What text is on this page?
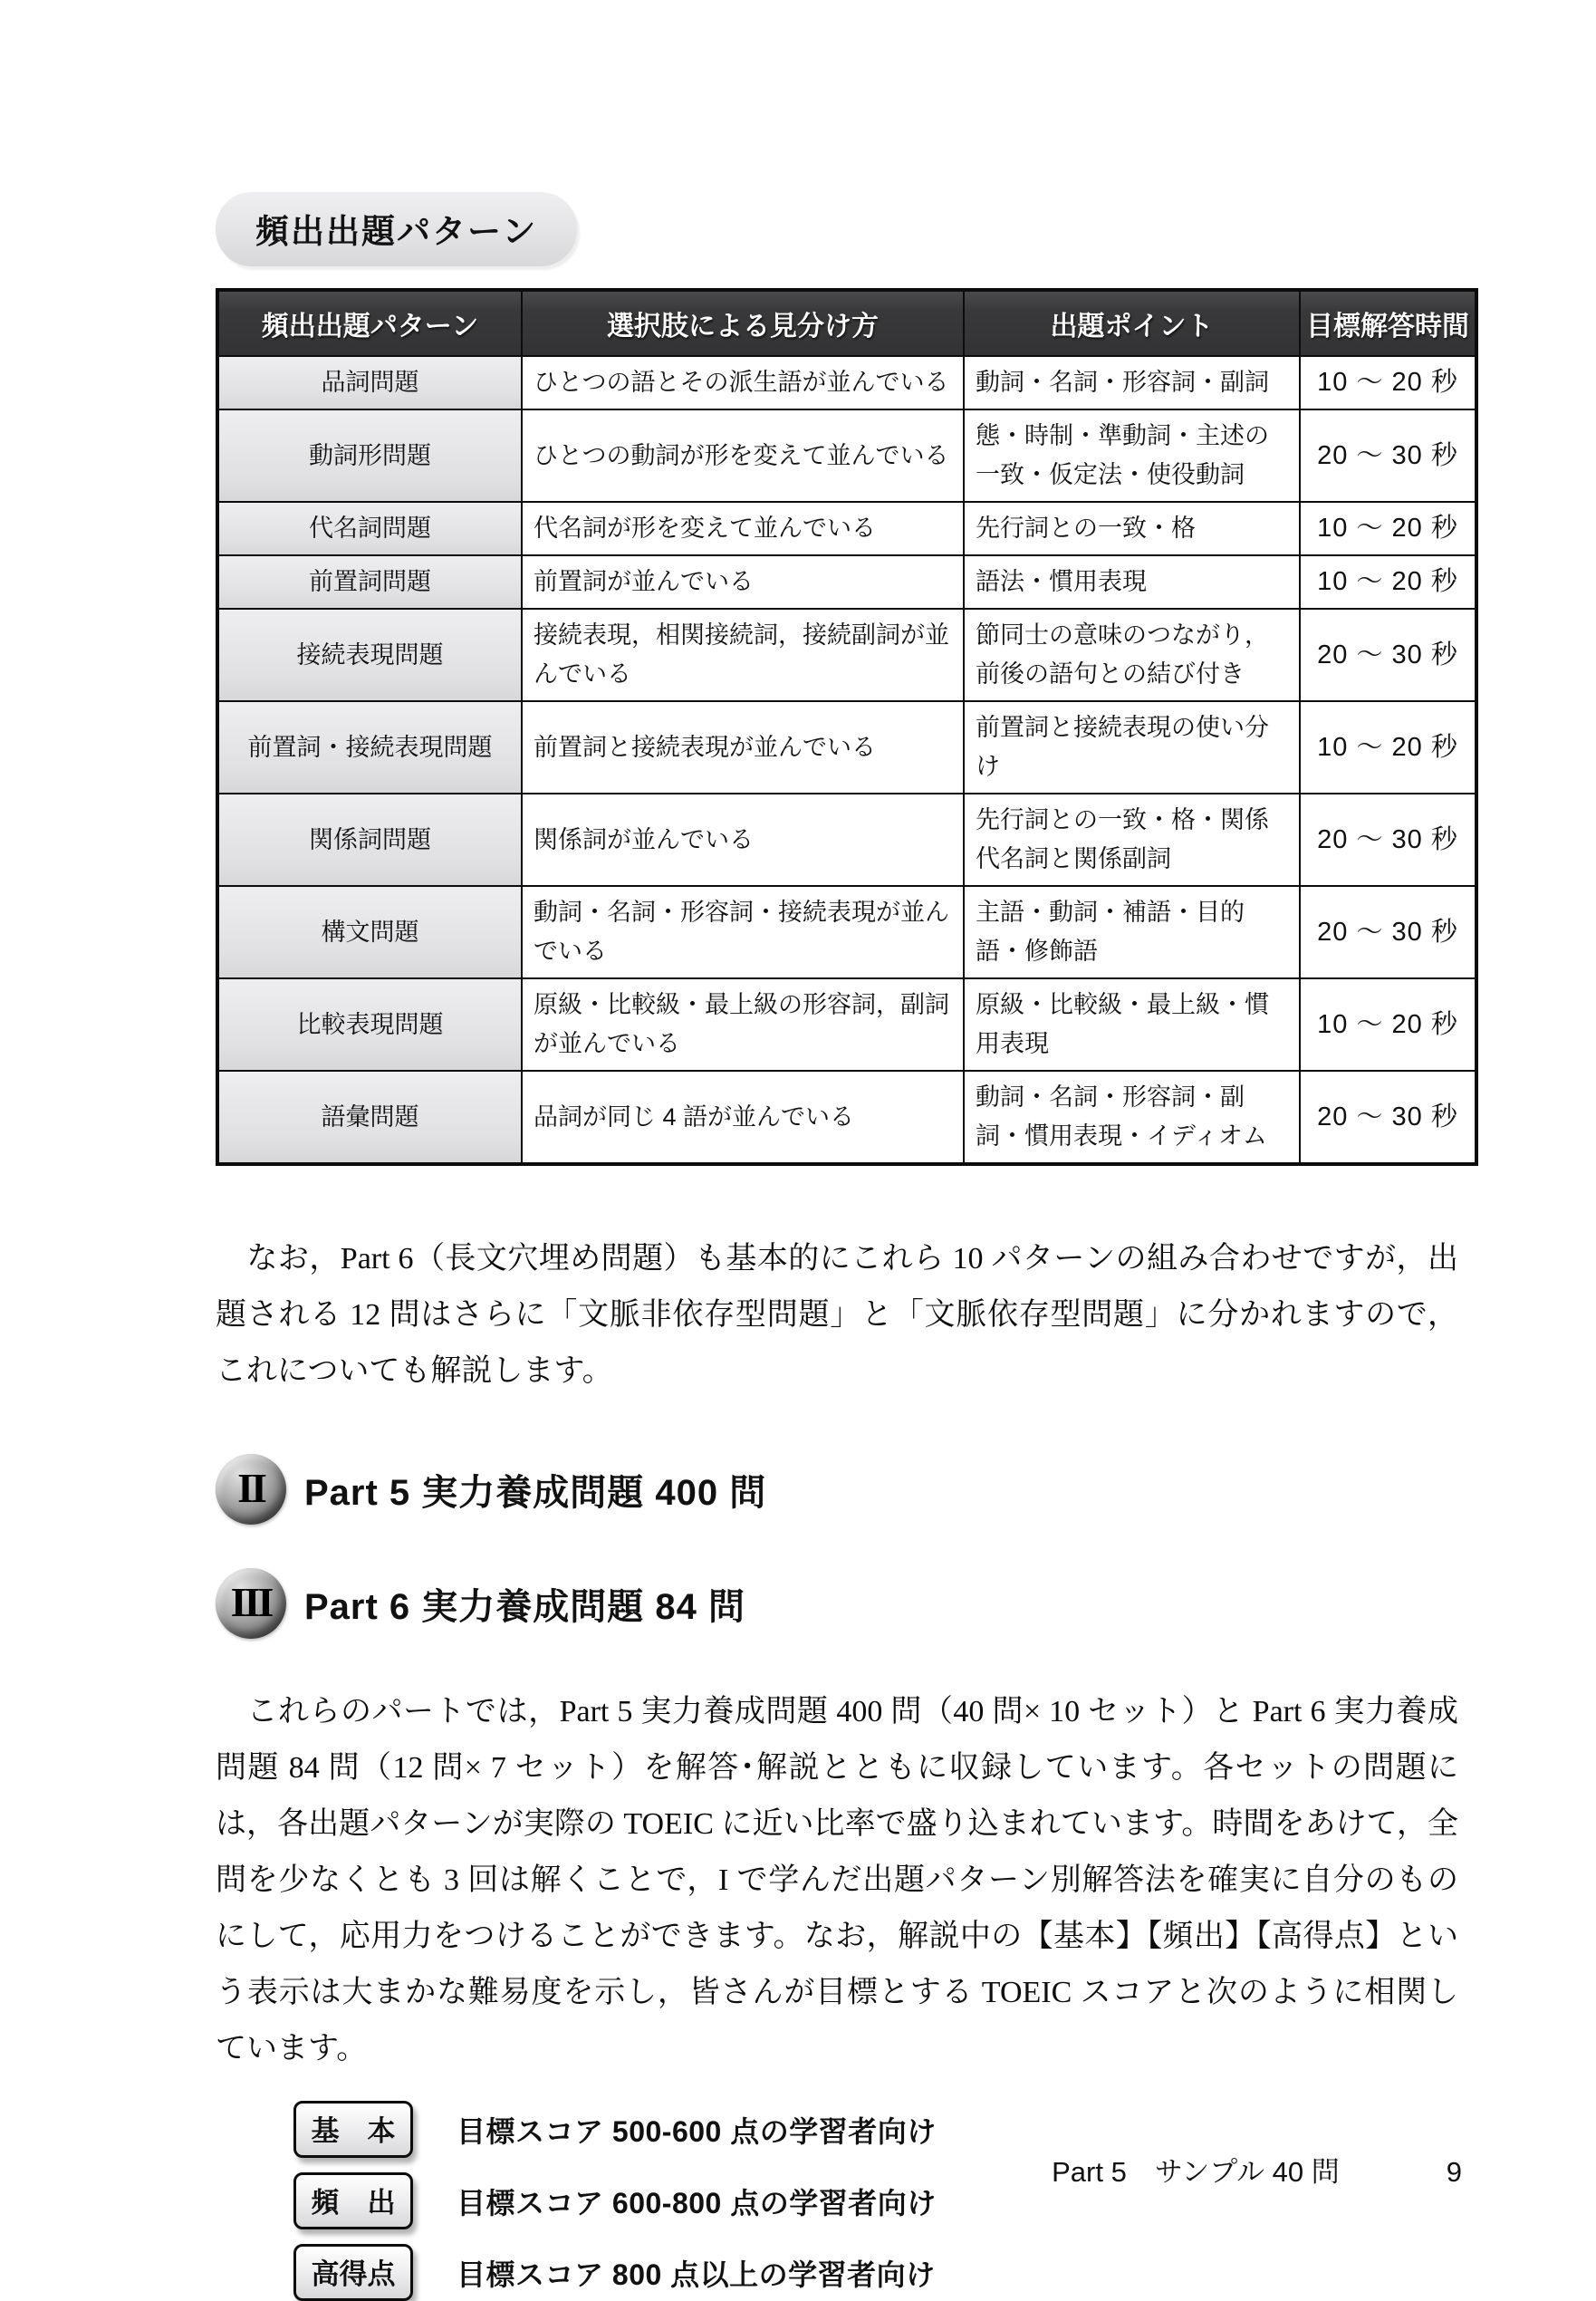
頻出出題パターン
頻出出題パターン	選択肢による見分け方	出題ポイント	目標解答時間
品詞問題	ひとつの語とその派生語が並んでいる	動詞・名詞・形容詞・副詞	10 〜 20 秒
動詞形問題	ひとつの動詞が形を変えて並んでいる	態・時制・準動詞・主述の一致・仮定法・使役動詞	20 〜 30 秒
代名詞問題	代名詞が形を変えて並んでいる	先行詞との一致・格	10 〜 20 秒
前置詞問題	前置詞が並んでいる	語法・慣用表現	10 〜 20 秒
接続表現問題	接続表現，相関接続詞，接続副詞が並んでいる	節同士の意味のつながり，前後の語句との結び付き	20 〜 30 秒
前置詞・接続表現問題	前置詞と接続表現が並んでいる	前置詞と接続表現の使い分け	10 〜 20 秒
関係詞問題	関係詞が並んでいる	先行詞との一致・格・関係代名詞と関係副詞	20 〜 30 秒
構文問題	動詞・名詞・形容詞・接続表現が並んでいる	主語・動詞・補語・目的語・修飾語	20 〜 30 秒
比較表現問題	原級・比較級・最上級の形容詞，副詞が並んでいる	原級・比較級・最上級・慣用表現	10 〜 20 秒
語彙問題	品詞が同じ 4 語が並んでいる	動詞・名詞・形容詞・副詞・慣用表現・イディオム	20 〜 30 秒

　なお，Part 6（長文穴埋め問題）も基本的にこれら 10 パターンの組み合わせですが，出題される 12 問はさらに「文脈非依存型問題」と「文脈依存型問題」に分かれますので，これについても解説します。

II Part 5 実力養成問題 400 問
III Part 6 実力養成問題 84 問

　これらのパートでは，Part 5 実力養成問題 400 問（40 問× 10 セット）と Part 6 実力養成問題 84 問（12 問× 7 セット）を解答･解説とともに収録しています。各セットの問題には，各出題パターンが実際の TOEIC に近い比率で盛り込まれています。時間をあけて，全問を少なくとも 3 回は解くことで，I で学んだ出題パターン別解答法を確実に自分のものにして，応用力をつけることができます。なお，解説中の【基本】【頻出】【高得点】という表示は大まかな難易度を示し，皆さんが目標とする TOEIC スコアと次のように相関しています。

基　本	目標スコア 500-600 点の学習者向け
頻　出	目標スコア 600-800 点の学習者向け
高得点	目標スコア 800 点以上の学習者向け
Part 5　サンプル 40 問	9
